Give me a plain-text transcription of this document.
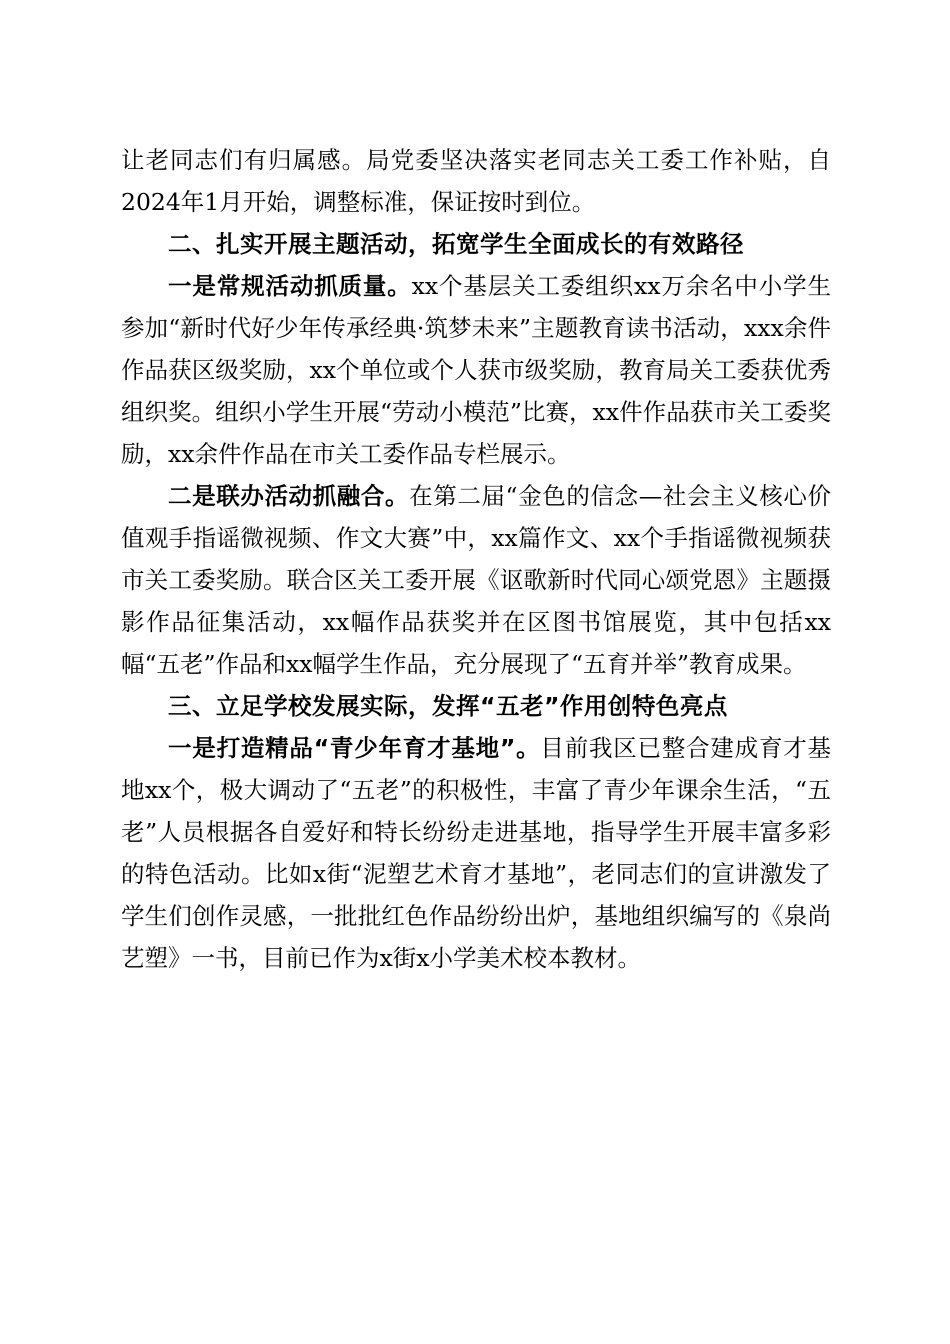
让老同志们有归属感。局党委坚决落实老同志关工委工作补贴，自2024年1月开始，调整标准，保证按时到位。

二、扎实开展主题活动，拓宽学生全面成长的有效路径

一是常规活动抓质量。xx个基层关工委组织xx万余名中小学生参加“新时代好少年传承经典·筑梦未来”主题教育读书活动，xxx余件作品获区级奖励，xx个单位或个人获市级奖励，教育局关工委获优秀组织奖。组织小学生开展“劳动小模范”比赛，xx件作品获市关工委奖励，xx余件作品在市关工委作品专栏展示。

二是联办活动抓融合。在第二届“金色的信念—社会主义核心价值观手指谣微视频、作文大赛”中，xx篇作文、xx个手指谣微视频获市关工委奖励。联合区关工委开展《讴歌新时代同心颂党恩》主题摄影作品征集活动，xx幅作品获奖并在区图书馆展览，其中包括xx幅“五老”作品和xx幅学生作品，充分展现了“五育并举”教育成果。

三、立足学校发展实际，发挥“五老”作用创特色亮点

一是打造精品“青少年育才基地”。目前我区已整合建成育才基地xx个，极大调动了“五老”的积极性，丰富了青少年课余生活，“五老”人员根据各自爱好和特长纷纷走进基地，指导学生开展丰富多彩的特色活动。比如x街“泥塑艺术育才基地”，老同志们的宣讲激发了学生们创作灵感，一批批红色作品纷纷出炉，基地组织编写的《泉尚艺塑》一书，目前已作为x街x小学美术校本教材。
